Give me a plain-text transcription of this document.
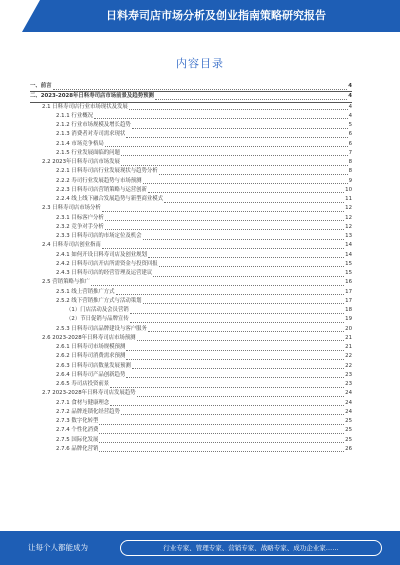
日料寿司店市场分析及创业指南策略研究报告
内容目录
一、前言	4
二、2023-2028年日料寿司店市场前景及趋势预测	4
2.1 日料寿司店行业市场现状及发展	4
2.1.1 行业概况	4
2.1.2 行业市场规模及增长趋势	5
2.1.3 消费者对寿司需求现状	6
2.1.4 市场竞争格局	6
2.1.5 行业发展面临的问题	7
2.2 2023年日料寿司店市场发展	8
2.2.1 日料寿司店行业发展现状与趋势分析	8
2.2.2 寿司行业发展趋势与市场预测	9
2.2.3 日料寿司店营销策略与运营创新	10
2.2.4 线上线下融合发展趋势与新型商业模式	11
2.3 日料寿司店市场分析	12
2.3.1 目标客户分析	12
2.3.2 竞争对手分析	12
2.3.3 日料寿司店的市场定位及机会	13
2.4 日料寿司店创业指南	14
2.4.1 如何开设日料寿司店及创业规划	14
2.4.2 日料寿司店开店所需资金与投资回报	15
2.4.3 日料寿司店的经营管理及运营建议	15
2.5 营销策略与推广	16
2.5.1 线上营销推广方式	17
2.5.2 线下营销推广方式与活动策划	17
（1）门店活动及会员营销	18
（2）节日促销与品牌宣传	19
2.5.3 日料寿司店品牌建设与客户服务	20
2.6 2023-2028年日料寿司店市场预测	21
2.6.1 日料寿司市场规模预测	21
2.6.2 日料寿司消费需求预测	22
2.6.3 日料寿司店数量发展预测	22
2.6.4 日料寿司产品创新趋势	23
2.6.5 寿司店投资前景	23
2.7 2023-2028年日料寿司店发展趋势	24
2.7.1 食材与健康理念	24
2.7.2 品牌连锁化经营趋势	24
2.7.3 数字化转型	25
2.7.4 个性化消费	25
2.7.5 国际化发展	25
2.7.6 品牌化营销	26
让每个人都能成为	行业专家、管理专家、营销专家、战略专家、成功企业家……
